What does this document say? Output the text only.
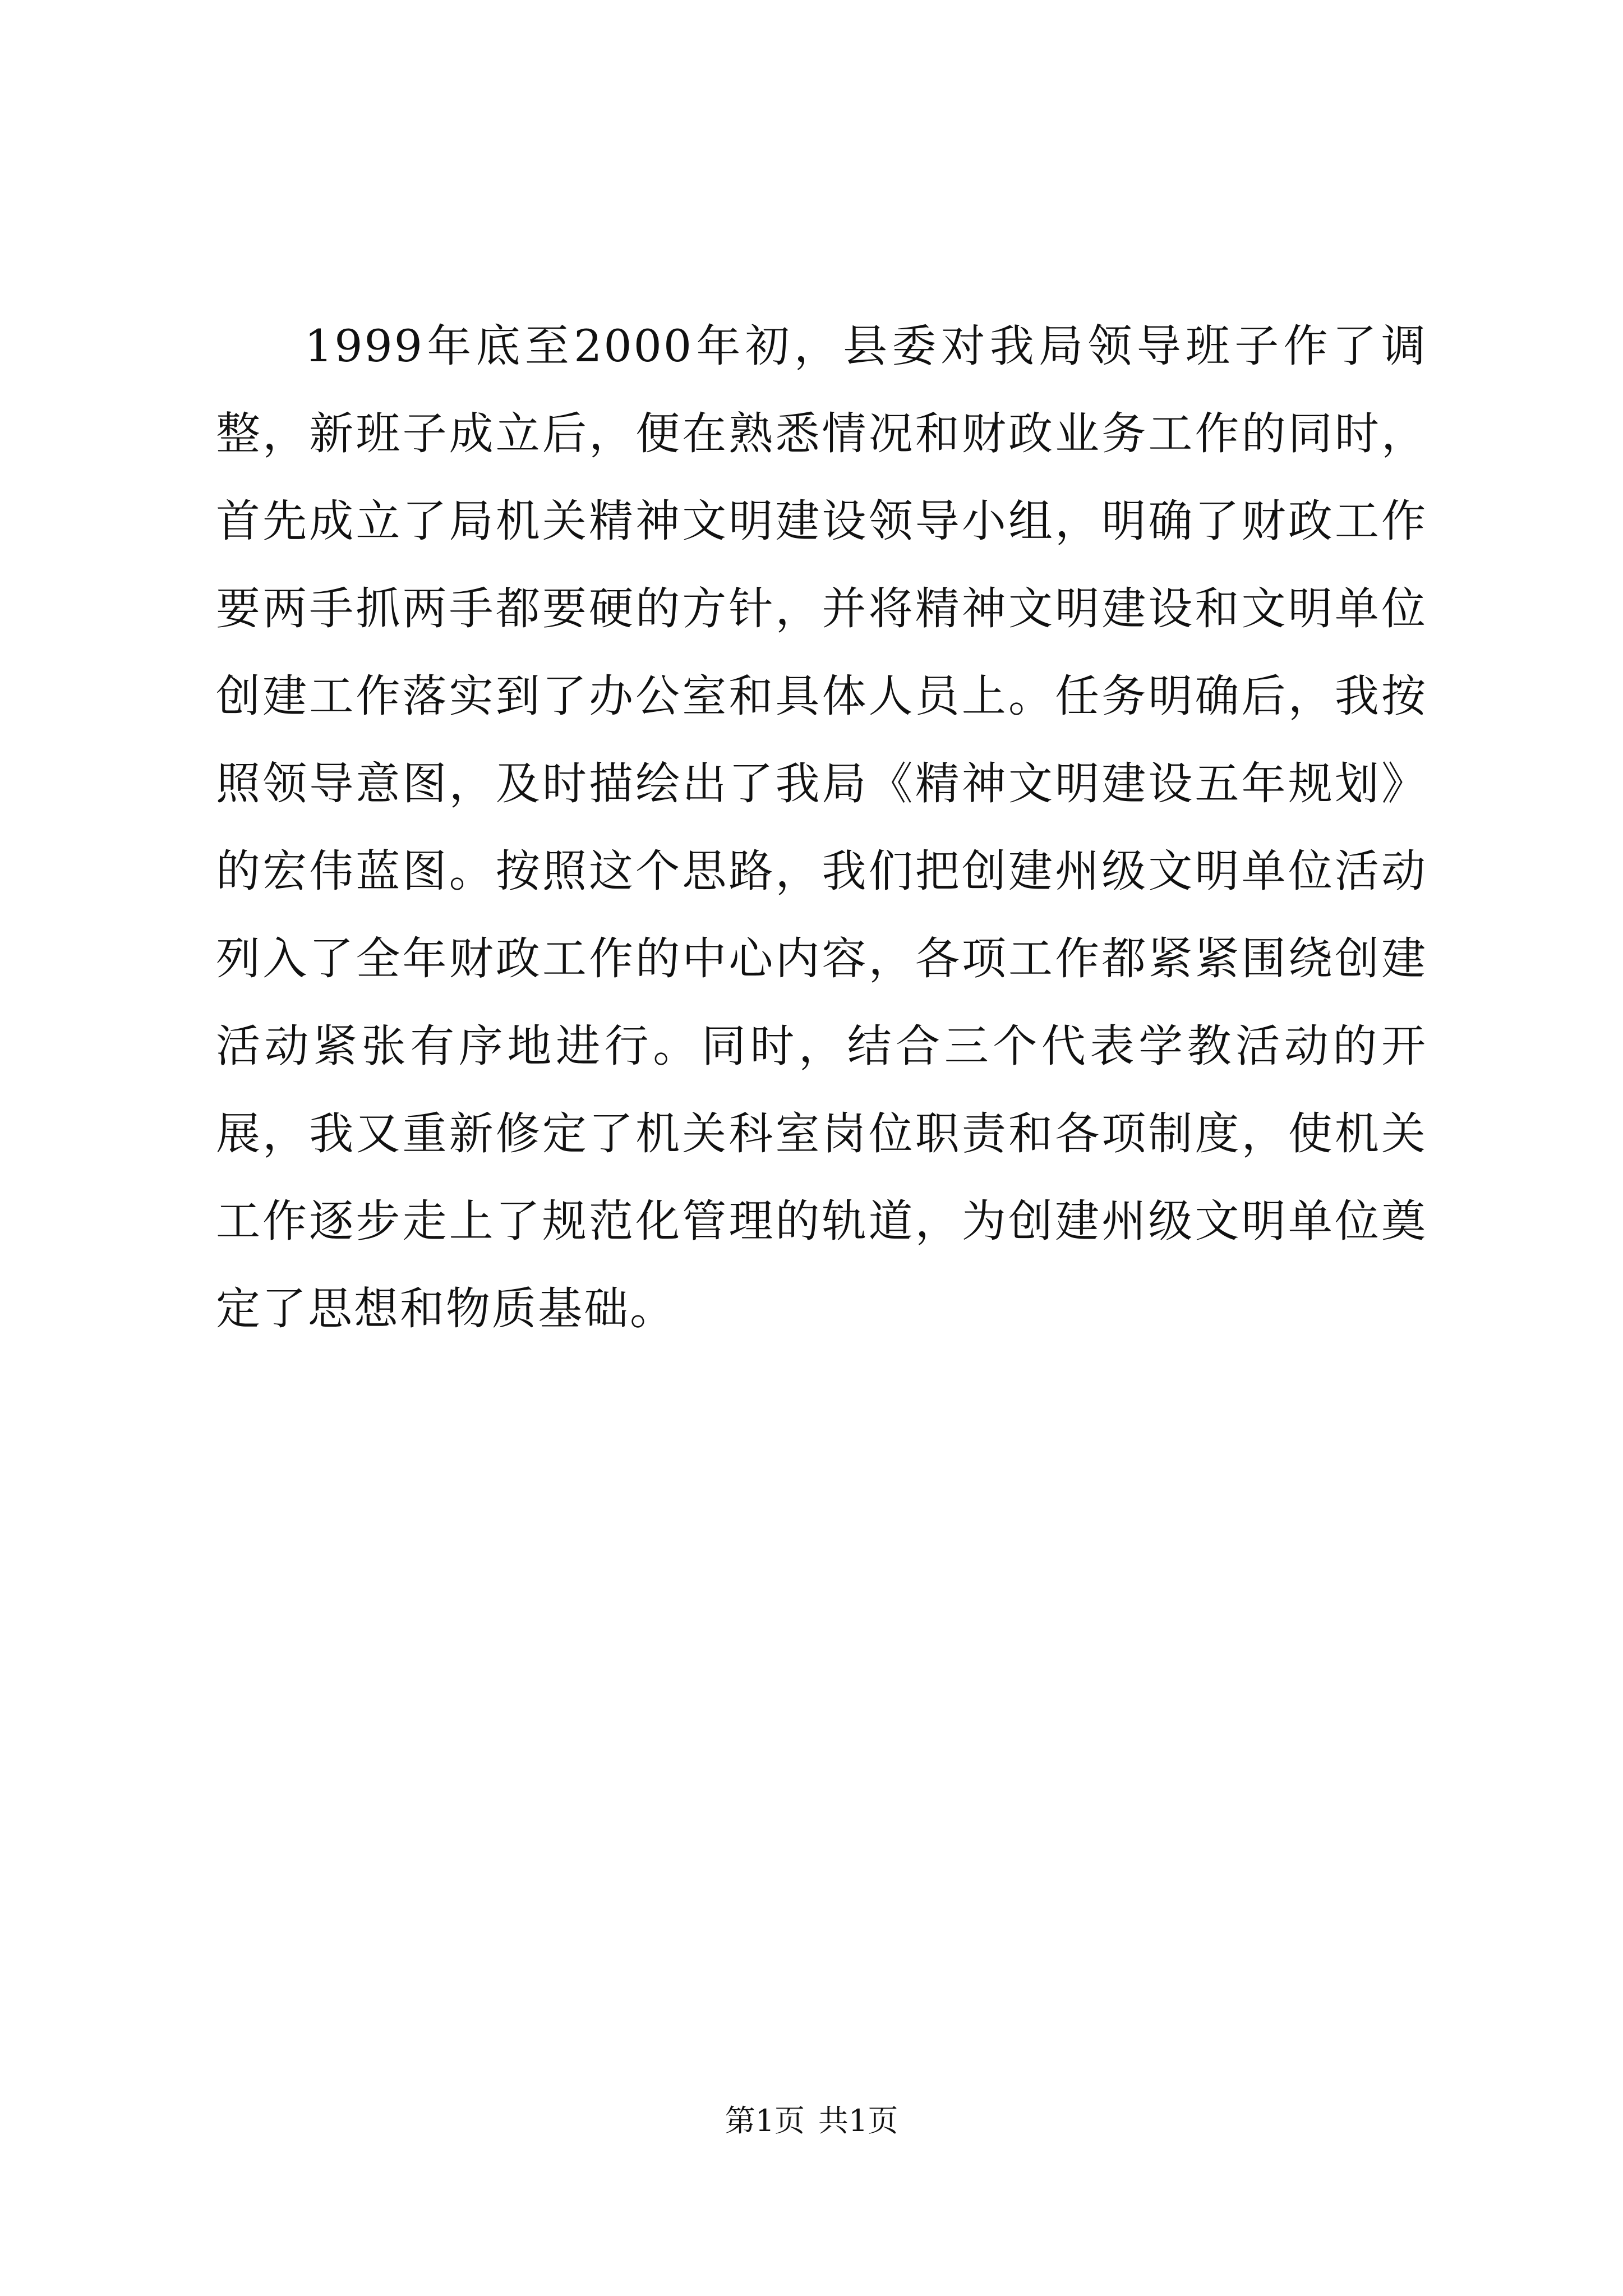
1999年底至2000年初，县委对我局领导班子作了调整，新班子成立后，便在熟悉情况和财政业务工作的同时，首先成立了局机关精神文明建设领导小组，明确了财政工作要两手抓两手都要硬的方针，并将精神文明建设和文明单位创建工作落实到了办公室和具体人员上。任务明确后，我按照领导意图，及时描绘出了我局《精神文明建设五年规划》的宏伟蓝图。按照这个思路，我们把创建州级文明单位活动列入了全年财政工作的中心内容，各项工作都紧紧围绕创建活动紧张有序地进行。同时，结合三个代表学教活动的开展，我又重新修定了机关科室岗位职责和各项制度，使机关工作逐步走上了规范化管理的轨道，为创建州级文明单位奠定了思想和物质基础。

第1页 共1页
